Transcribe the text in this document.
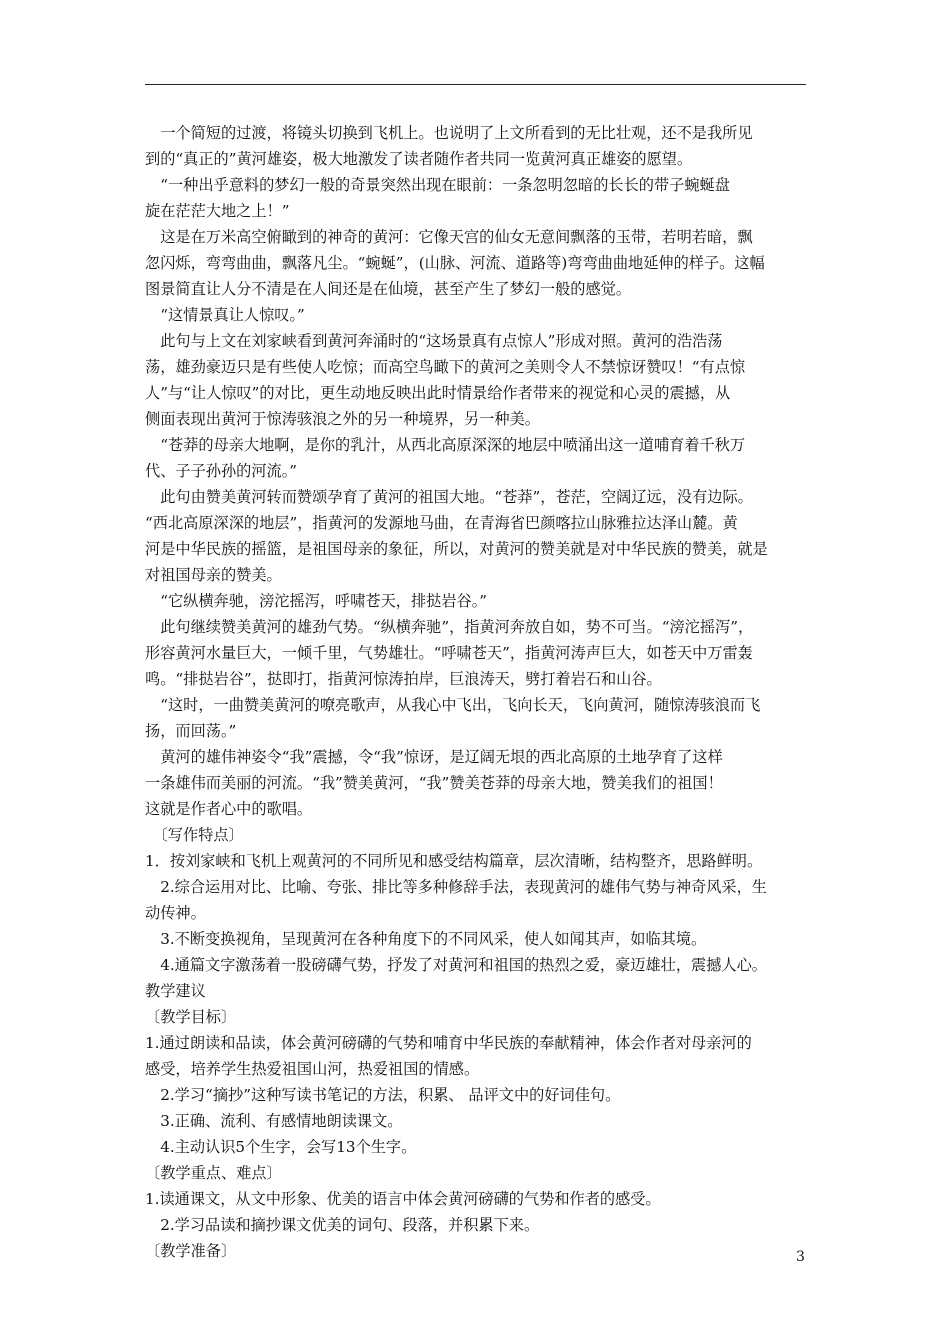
　一个简短的过渡，将镜头切换到飞机上。也说明了上文所看到的无比壮观，还不是我所见
到的“真正的”黄河雄姿，极大地激发了读者随作者共同一览黄河真正雄姿的愿望。
　“一种出乎意料的梦幻一般的奇景突然出现在眼前：一条忽明忽暗的长长的带子蜿蜒盘
旋在茫茫大地之上！”
　这是在万米高空俯瞰到的神奇的黄河：它像天宫的仙女无意间飘落的玉带，若明若暗，飘
忽闪烁，弯弯曲曲，飘落凡尘。“蜿蜒”，(山脉、河流、道路等)弯弯曲曲地延伸的样子。这幅
图景简直让人分不清是在人间还是在仙境，甚至产生了梦幻一般的感觉。
　“这情景真让人惊叹。”
　此句与上文在刘家峡看到黄河奔涌时的“这场景真有点惊人”形成对照。黄河的浩浩荡
荡，雄劲豪迈只是有些使人吃惊；而高空鸟瞰下的黄河之美则令人不禁惊讶赞叹！“有点惊
人”与“让人惊叹”的对比，更生动地反映出此时情景给作者带来的视觉和心灵的震撼，从
侧面表现出黄河于惊涛骇浪之外的另一种境界，另一种美。
　“苍莽的母亲大地啊，是你的乳汁，从西北高原深深的地层中喷涌出这一道哺育着千秋万
代、子子孙孙的河流。”
　此句由赞美黄河转而赞颂孕育了黄河的祖国大地。“苍莽”，苍茫，空阔辽远，没有边际。
“西北高原深深的地层”，指黄河的发源地马曲，在青海省巴颜喀拉山脉雅拉达泽山麓。黄
河是中华民族的摇篮，是祖国母亲的象征，所以，对黄河的赞美就是对中华民族的赞美，就是
对祖国母亲的赞美。
　“它纵横奔驰，滂沱摇泻，呼啸苍天，排挞岩谷。”
　此句继续赞美黄河的雄劲气势。“纵横奔驰”，指黄河奔放自如，势不可当。“滂沱摇泻”，
形容黄河水量巨大，一倾千里，气势雄壮。“呼啸苍天”，指黄河涛声巨大，如苍天中万雷轰
鸣。“排挞岩谷”，挞即打，指黄河惊涛拍岸，巨浪涛天，劈打着岩石和山谷。
　“这时，一曲赞美黄河的嘹亮歌声，从我心中飞出，飞向长天，飞向黄河，随惊涛骇浪而飞
扬，而回荡。”
　黄河的雄伟神姿令“我”震撼，令“我”惊讶，是辽阔无垠的西北高原的土地孕育了这样
一条雄伟而美丽的河流。“我”赞美黄河，“我”赞美苍莽的母亲大地，赞美我们的祖国！
这就是作者心中的歌唱。
　〔写作特点〕
1．按刘家峡和飞机上观黄河的不同所见和感受结构篇章，层次清晰，结构整齐，思路鲜明。
　2.综合运用对比、比喻、夸张、排比等多种修辞手法，表现黄河的雄伟气势与神奇风采，生
动传神。
　3.不断变换视角，呈现黄河在各种角度下的不同风采，使人如闻其声，如临其境。
　4.通篇文字激荡着一股磅礴气势，抒发了对黄河和祖国的热烈之爱，豪迈雄壮，震撼人心。
教学建议
〔教学目标〕
1.通过朗读和品读，体会黄河磅礴的气势和哺育中华民族的奉献精神，体会作者对母亲河的
感受，培养学生热爱祖国山河，热爱祖国的情感。
　2.学习“摘抄”这种写读书笔记的方法，积累、 品评文中的好词佳句。
　3.正确、流利、有感情地朗读课文。
　4.主动认识5个生字，会写13个生字。
〔教学重点、难点〕
1.读通课文，从文中形象、优美的语言中体会黄河磅礴的气势和作者的感受。
　2.学习品读和摘抄课文优美的词句、段落，并积累下来。
〔教学准备〕	3
